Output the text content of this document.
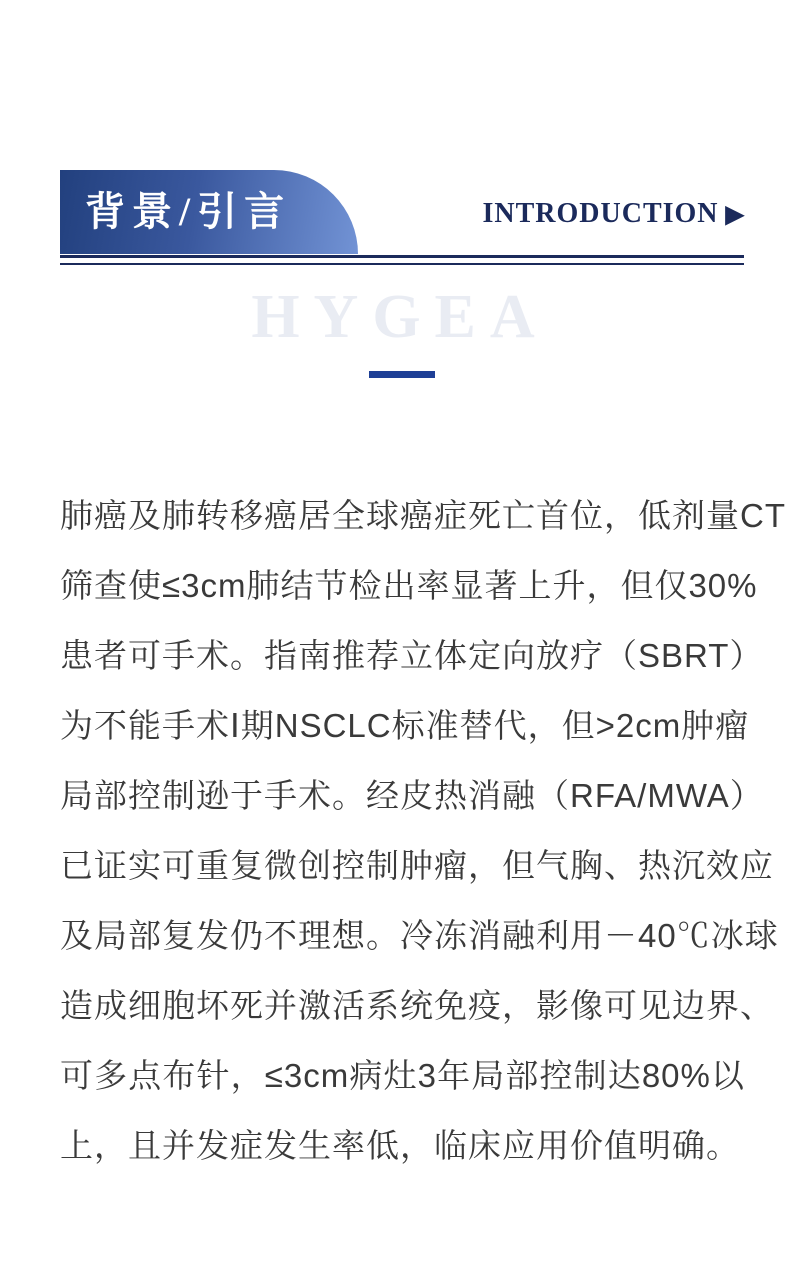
背景/引言	INTRODUCTION ▶
HYGEA
肺癌及肺转移癌居全球癌症死亡首位，低剂量CT
筛查使≤3cm肺结节检出率显著上升，但仅30%
患者可手术。指南推荐立体定向放疗（SBRT）
为不能手术Ⅰ期NSCLC标准替代，但>2cm肿瘤
局部控制逊于手术。经皮热消融（RFA/MWA）
已证实可重复微创控制肿瘤，但气胸、热沉效应
及局部复发仍不理想。冷冻消融利用－40℃冰球
造成细胞坏死并激活系统免疫，影像可见边界、
可多点布针，≤3cm病灶3年局部控制达80%以
上，且并发症发生率低，临床应用价值明确。
